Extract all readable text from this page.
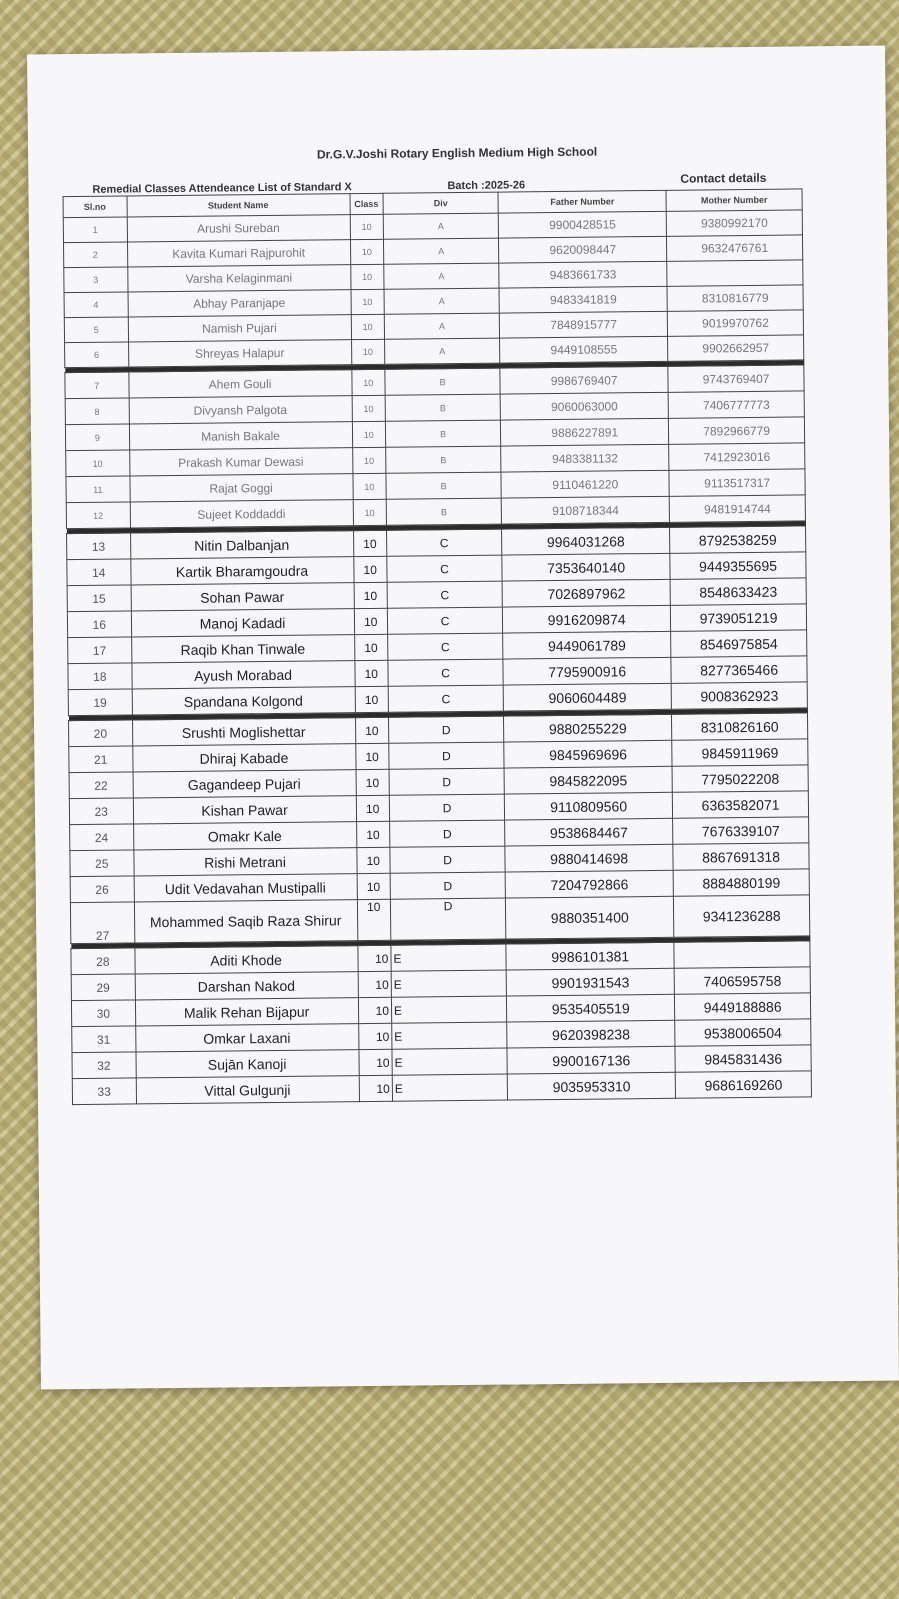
Dr.G.V.Joshi Rotary English Medium High School
Remedial Classes Attendeance List of Standard X	Batch :2025-26
Contact details
Sl.no	Student Name	Class	Div	Father Number	Mother Number
1	Arushi Sureban	10	A	9900428515	9380992170
2	Kavita Kumari Rajpurohit	10	A	9620098447	9632476761
3	Varsha Kelaginmani	10	A	9483661733	
4	Abhay Paranjape	10	A	9483341819	8310816779
5	Namish Pujari	10	A	7848915777	9019970762
6	Shreyas Halapur	10	A	9449108555	9902662957

7	Ahem Gouli	10	B	9986769407	9743769407
8	Divyansh Palgota	10	B	9060063000	7406777773
9	Manish Bakale	10	B	9886227891	7892966779
10	Prakash Kumar Dewasi	10	B	9483381132	7412923016
11	Rajat Goggi	10	B	9110461220	9113517317
12	Sujeet Koddaddi	10	B	9108718344	9481914744

13	Nitin Dalbanjan	10	C	9964031268	8792538259
14	Kartik Bharamgoudra	10	C	7353640140	9449355695
15	Sohan Pawar	10	C	7026897962	8548633423
16	Manoj Kadadi	10	C	9916209874	9739051219
17	Raqib Khan Tinwale	10	C	9449061789	8546975854
18	Ayush Morabad	10	C	7795900916	8277365466
19	Spandana Kolgond	10	C	9060604489	9008362923

20	Srushti Moglishettar	10	D	9880255229	8310826160
21	Dhiraj Kabade	10	D	9845969696	9845911969
22	Gagandeep Pujari	10	D	9845822095	7795022208
23	Kishan Pawar	10	D	9110809560	6363582071
24	Omakr Kale	10	D	9538684467	7676339107
25	Rishi Metrani	10	D	9880414698	8867691318
26	Udit Vedavahan Mustipalli	10	D	7204792866	8884880199
27	Mohammed Saqib Raza Shirur	10	D	9880351400	9341236288

28	Aditi Khode	10	E	9986101381	
29	Darshan Nakod	10	E	9901931543	7406595758
30	Malik Rehan Bijapur	10	E	9535405519	9449188886
31	Omkar Laxani	10	E	9620398238	9538006504
32	Sujān Kanoji	10	E	9900167136	9845831436
33	Vittal Gulgunji	10	E	9035953310	9686169260
